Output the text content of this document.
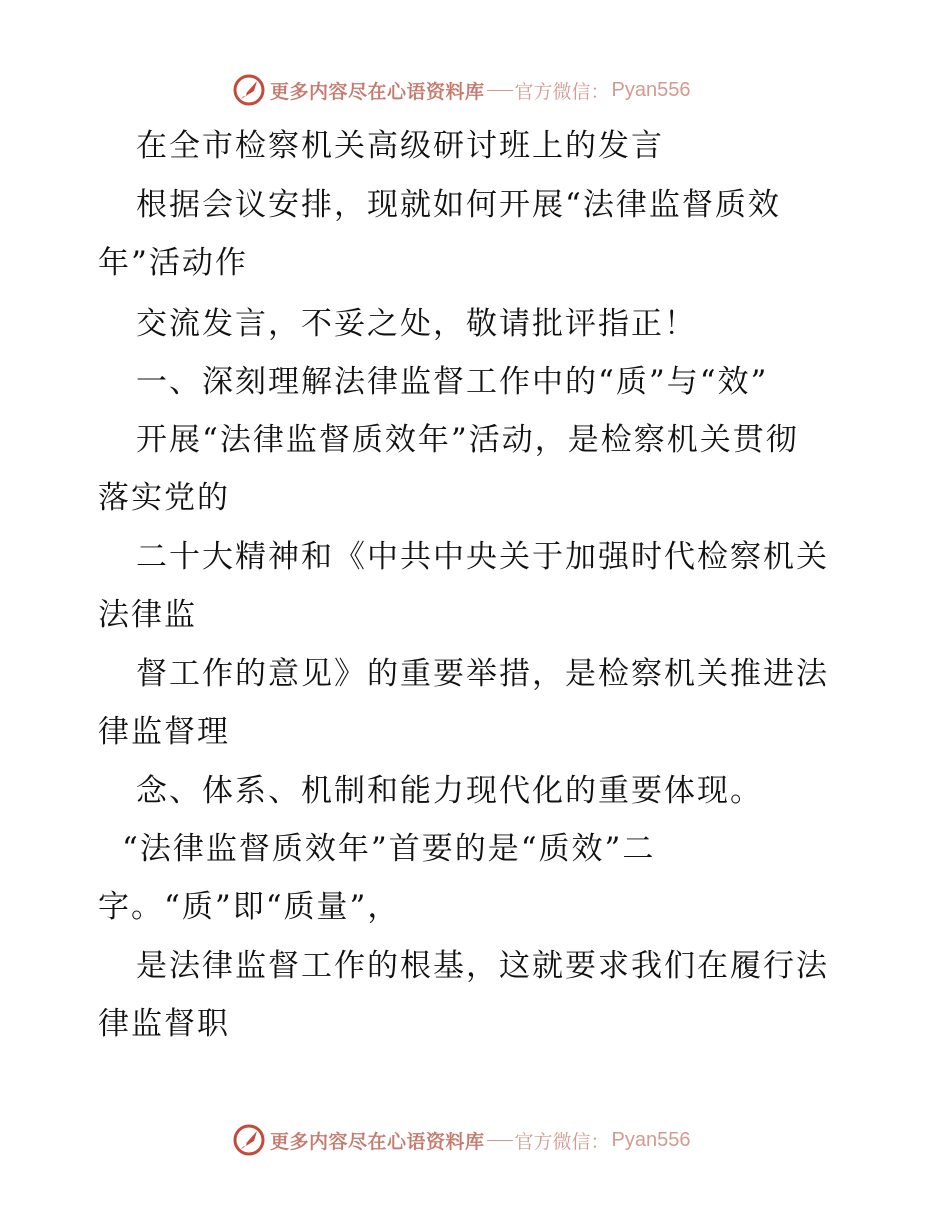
更多内容尽在心语资料库 官方微信： Pyan556

在全市检察机关高级研讨班上的发言

根据会议安排，现就如何开展“法律监督质效

年”活动作

交流发言，不妥之处，敬请批评指正！

一、深刻理解法律监督工作中的“质”与“效”

开展“法律监督质效年”活动，是检察机关贯彻

落实党的

二十大精神和《中共中央关于加强时代检察机关

法律监

督工作的意见》的重要举措，是检察机关推进法

律监督理

念、体系、机制和能力现代化的重要体现。

“法律监督质效年”首要的是“质效”二

字。“质”即“质量”，

是法律监督工作的根基，这就要求我们在履行法

律监督职

更多内容尽在心语资料库 官方微信： Pyan556
